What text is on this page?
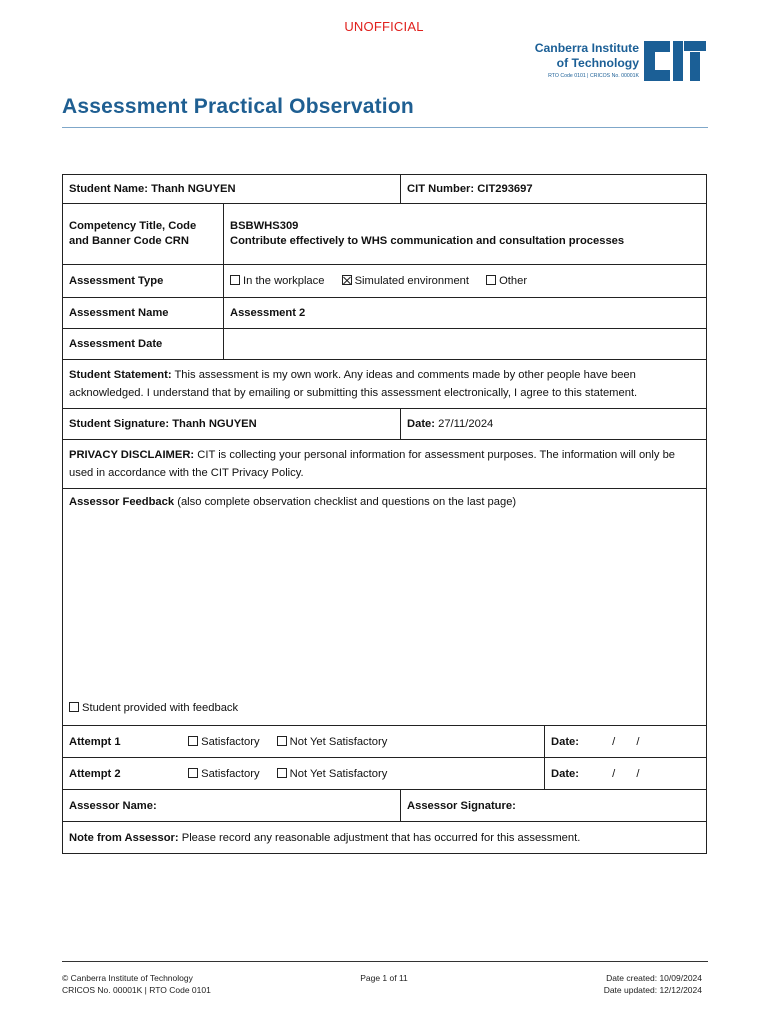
UNOFFICIAL
Canberra Institute
of Technology
RTO Code 0101 | CRICOS No. 00001K
Assessment Practical Observation
Student Name: Thanh NGUYEN		CIT Number: CIT293697	
Competency Title, Code and Banner Code CRN	BSBWHS309
Contribute effectively to WHS communication and consultation processes		

Assessment Type	In the workplace Simulated environment Other		
Assessment Name	Assessment 2		
Assessment Date			
Student Statement: This assessment is my own work. Any ideas and comments made by other people have been acknowledged. I understand that by emailing or submitting this assessment electronically, I agree to this statement.			
Student Signature: Thanh NGUYEN		Date: 27/11/2024	
PRIVACY DISCLAIMER: CIT is collecting your personal information for assessment purposes. The information will only be used in accordance with the CIT Privacy Policy.			
Assessor Feedback (also complete observation checklist and questions on the last page)
Student provided with feedback			

Attempt 1 Satisfactory Not Yet Satisfactory			Date: / /
Attempt 2 Satisfactory Not Yet Satisfactory			Date: / /
Assessor Name:		Assessor Signature:	
Note from Assessor: Please record any reasonable adjustment that has occurred for this assessment.			
© Canberra Institute of Technology
CRICOS No. 00001K | RTO Code 0101
Page 1 of 11	Date created: 10/09/2024
Date updated: 12/12/2024
